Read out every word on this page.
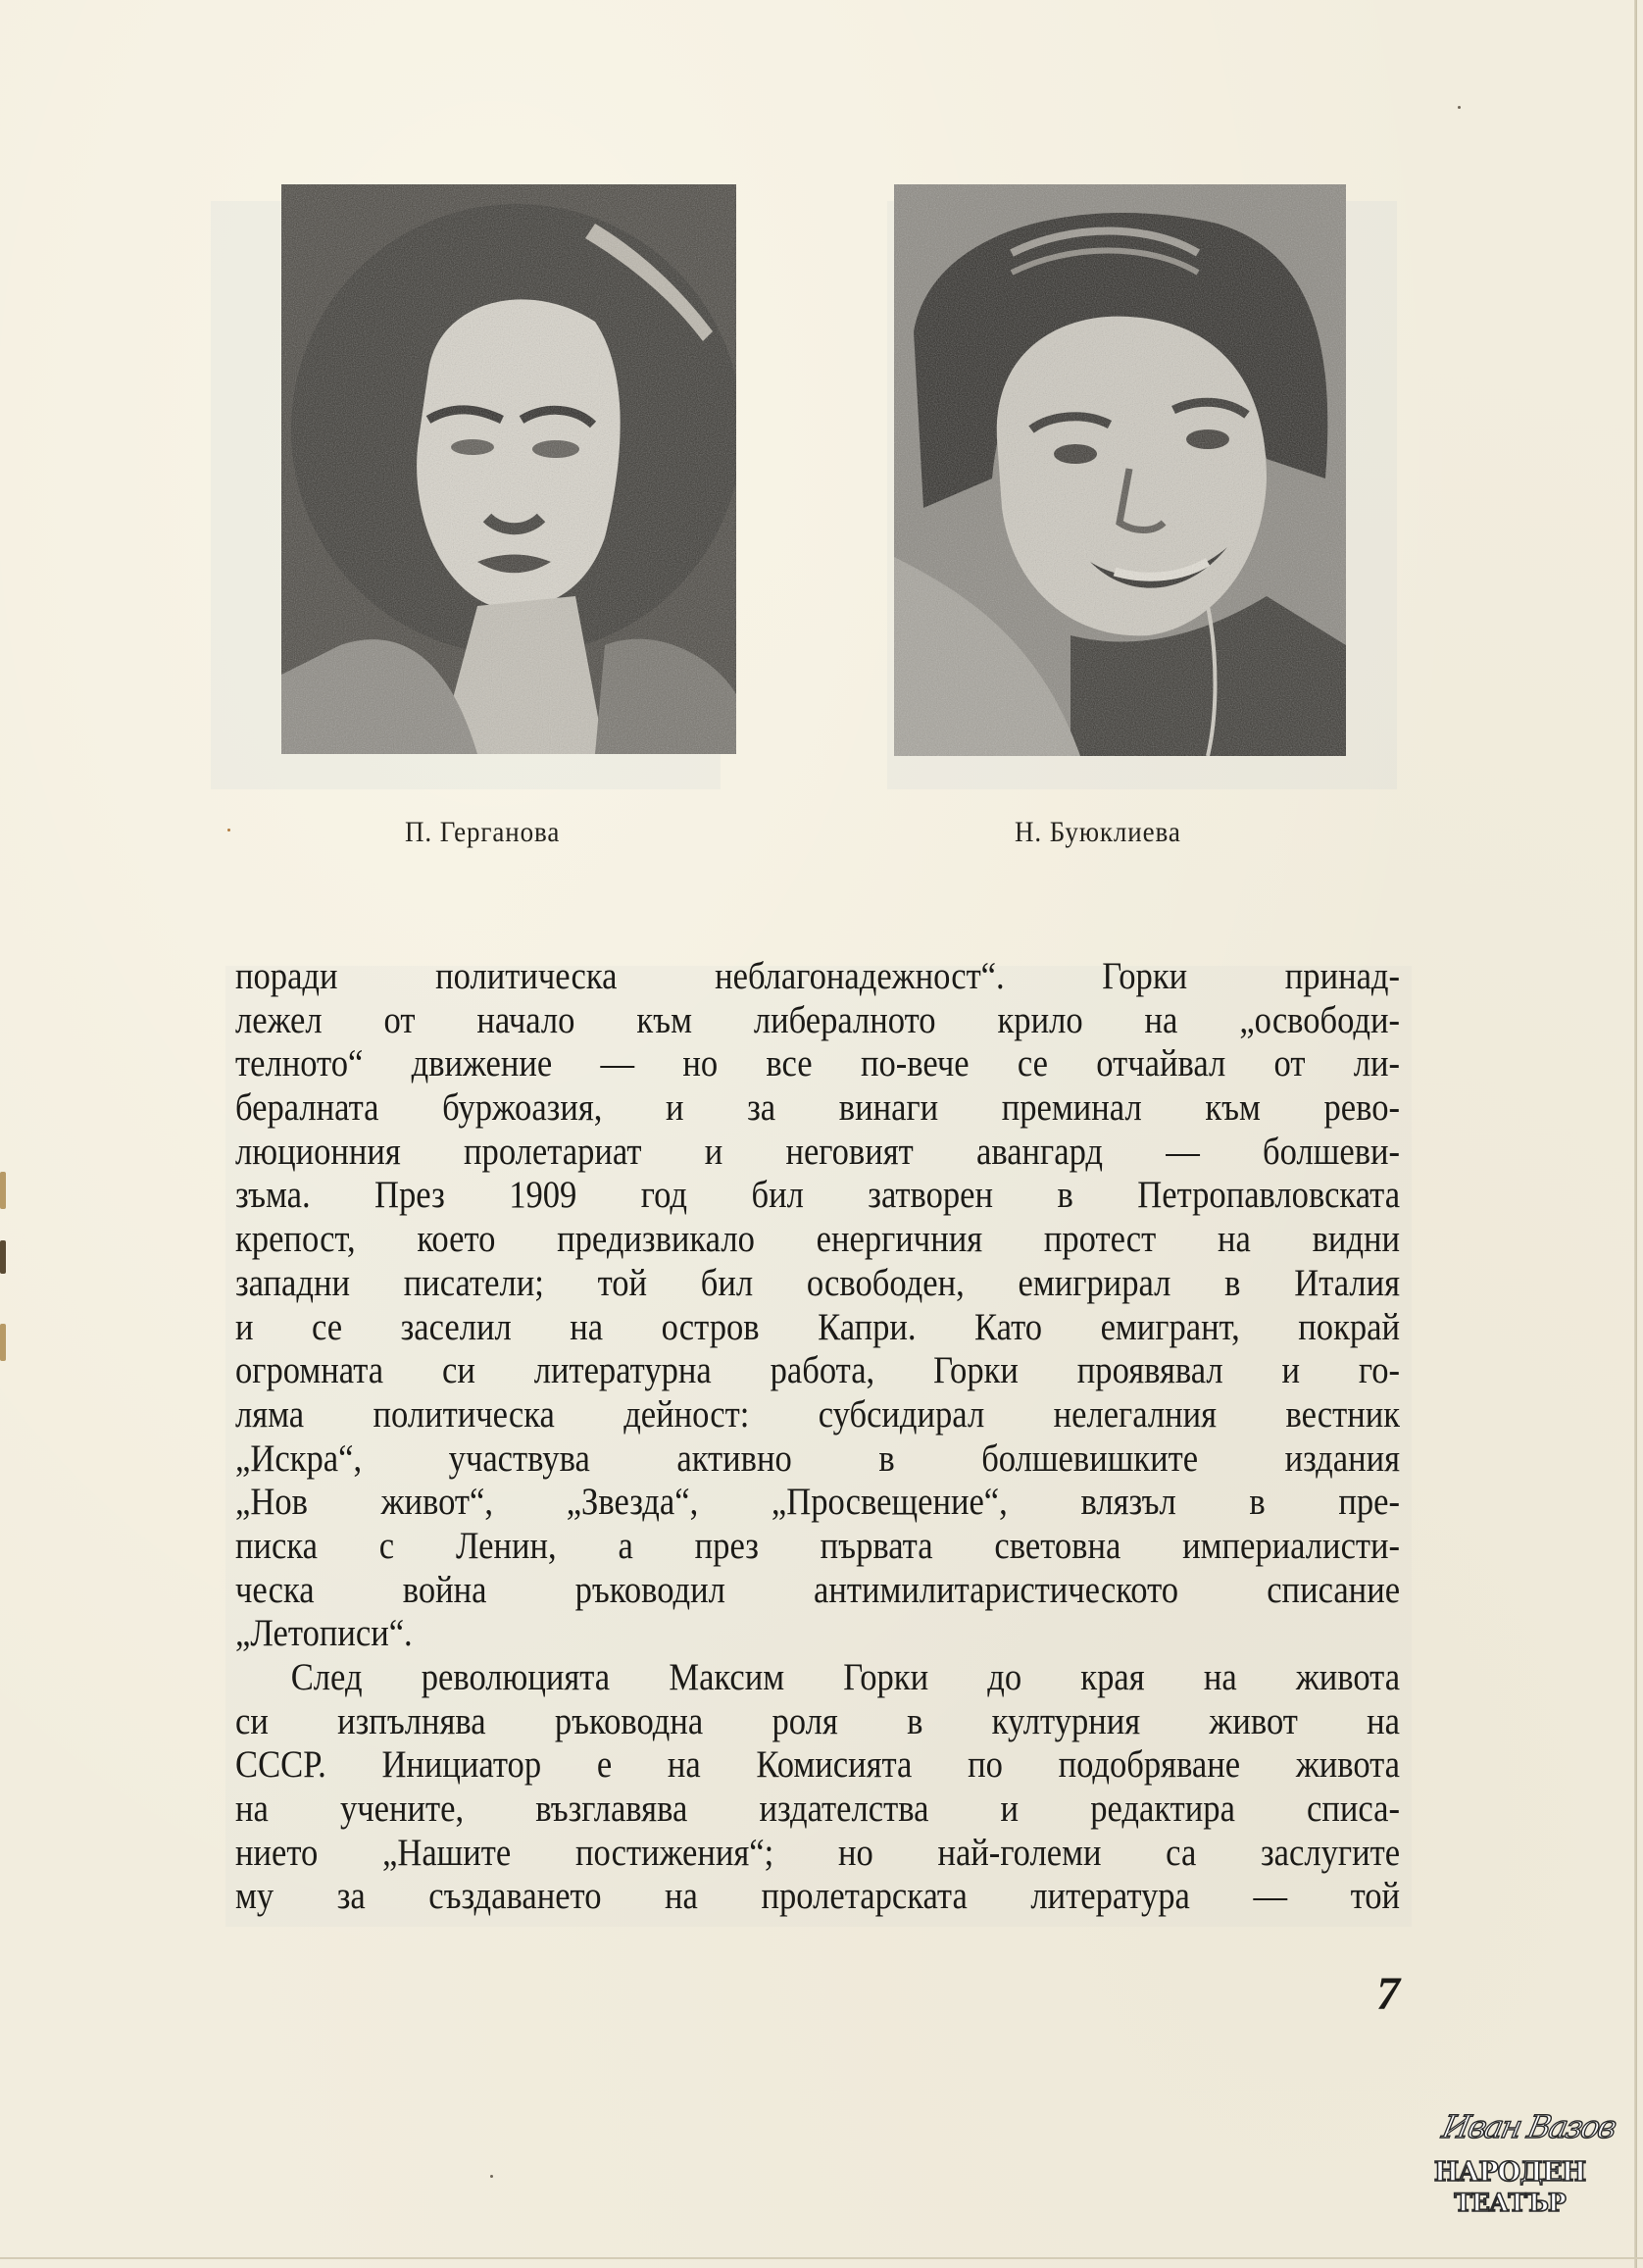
П. Герганова	Н. Буюклиева
поради политическа неблагонадежност“. Горки принад-
лежел от начало към либералното крило на „освободи-
телното“ движение — но все по-вече се отчайвал от ли-
бералната буржоазия, и за винаги преминал към рево-
люционния пролетариат и неговият авангард — болшеви-
зъма. През 1909 год бил затворен в Петропавловската
крепост, което предизвикало енергичния протест на видни
западни писатели; той бил освободен, емигрирал в Италия
и се заселил на остров Капри. Като емигрант, покрай
огромната си литературна работа, Горки проявявал и го-
ляма политическа дейност: субсидирал нелегалния вестник
„Искра“, участвува активно в болшевишките издания
„Нов живот“, „Звезда“, „Просвещение“, влязъл в пре-
писка с Ленин, а през първата световна империалисти-
ческа война ръководил антимилитаристическото списание
„Летописи“.
След революцията Максим Горки до края на живота
си изпълнява ръководна роля в културния живот на
СССР. Инициатор е на Комисията по подобряване живота
на учените, възглавява издателства и редактира списа-
нието „Нашите постижения“; но най-големи са заслугите
му за създаването на пролетарската литература — той
7
Иван Вазов
НАРОДЕН
ТЕАТЪР
